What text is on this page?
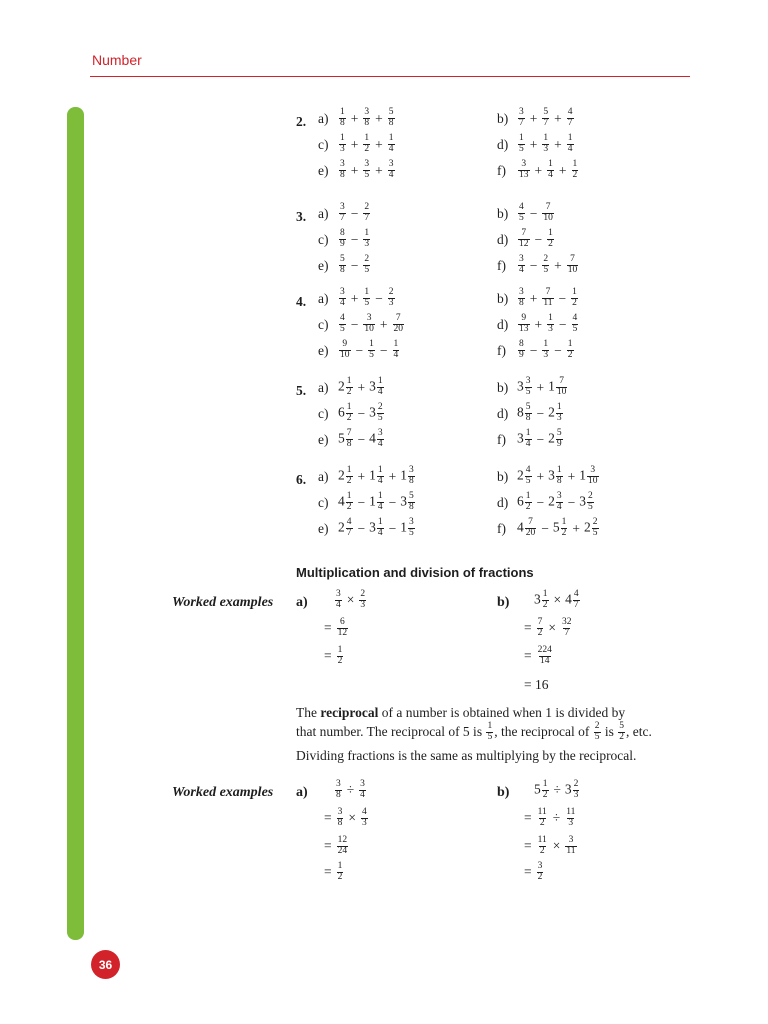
Number
2. a)	$\frac{1}{8} + \frac{3}{8} + \frac{5}{8}$	b)	$\frac{3}{7} + \frac{5}{7} + \frac{4}{7}$
c)	$\frac{1}{3} + \frac{1}{2} + \frac{1}{4}$	d)	$\frac{1}{5} + \frac{1}{3} + \frac{1}{4}$
e)	$\frac{3}{8} + \frac{3}{5} + \frac{3}{4}$	f)	$\frac{3}{13} + \frac{1}{4} + \frac{1}{2}$
3. a)	$\frac{3}{7} - \frac{2}{7}$	b)	$\frac{4}{5} - \frac{7}{10}$
c)	$\frac{8}{9} - \frac{1}{3}$	d)	$\frac{7}{12} - \frac{1}{2}$
e)	$\frac{5}{8} - \frac{2}{5}$	f)	$\frac{3}{4} - \frac{2}{5} + \frac{7}{10}$
4. a)	$\frac{3}{4} + \frac{1}{5} - \frac{2}{3}$	b)	$\frac{3}{8} + \frac{7}{11} - \frac{1}{2}$
c)	$\frac{4}{5} - \frac{3}{10} + \frac{7}{20}$	d)	$\frac{9}{13} + \frac{1}{3} - \frac{4}{5}$
e)	$\frac{9}{10} - \frac{1}{5} - \frac{1}{4}$	f)	$\frac{8}{9} - \frac{1}{3} - \frac{1}{2}$
5. a) $2 \frac{1}{2} + 3 \frac{1}{4}$	b) $3 \frac{3}{5} + 1 \frac{7}{10}$
c) $6 \frac{1}{2} - 3 \frac{2}{5}$	d) $8 \frac{5}{8} - 2 \frac{1}{3}$
e) $5 \frac{7}{8} - 4 \frac{3}{4}$	f) $3 \frac{1}{4} - 2 \frac{5}{9}$
6. a) $2 \frac{1}{2} + 1 \frac{1}{4} + 1 \frac{3}{8}$	b) $2 \frac{4}{5} + 3 \frac{1}{8} + 1 \frac{3}{10}$
c) $4 \frac{1}{2} - 1 \frac{1}{4} - 3 \frac{5}{8}$	d) $6 \frac{1}{2} - 2 \frac{3}{4} - 3 \frac{2}{5}$
e) $2 \frac{4}{7} - 3 \frac{1}{4} - 1 \frac{3}{5}$	f) $4 \frac{7}{20} - 5 \frac{1}{2} + 2 \frac{2}{5}$
Multiplication and division of fractions
Worked examples a)	$\frac{3}{4} \times \frac{2}{3}$
= $\frac{6}{12}$
= $\frac{1}{2}$
b) $3 \frac{1}{2} \times 4 \frac{4}{7}$
= $\frac{7}{2} \times \frac{32}{7}$
= $\frac{224}{14}$
= 16
The reciprocal of a number is obtained when 1 is divided by
that number. The reciprocal of 5 is $\frac{1}{5}$ , the reciprocal of $\frac{2}{5}$ is $\frac{5}{2}$ , etc.
Dividing fractions is the same as multiplying by the reciprocal.
Worked examples a)	$\frac{3}{8} \div \frac{3}{4}$
= $\frac{3}{8} \times \frac{4}{3}$
= $\frac{12}{24}$
= $\frac{1}{2}$
b) $5 \frac{1}{2} \div 3 \frac{2}{3}$
= $\frac{11}{2} \div \frac{11}{3}$
= $\frac{11}{2} \times \frac{3}{11}$
= $\frac{3}{2}$
36
